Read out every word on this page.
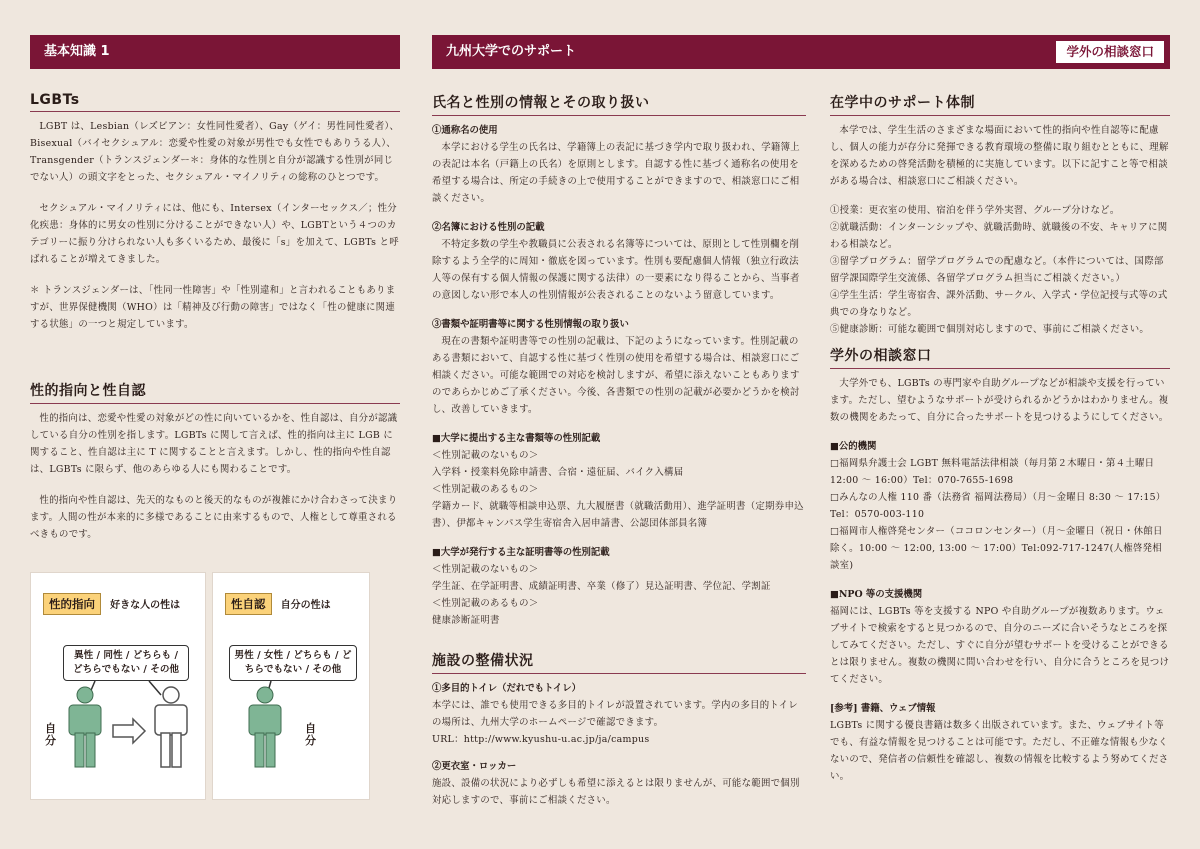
基本知識 1	九州大学でのサポート	学外の相談窓口
LGBTs

LGBT は、Lesbian（レズビアン：女性同性愛者）、Gay（ゲイ：男性同性愛者）、Bisexual（バイセクシュアル：恋愛や性愛の対象が男性でも女性でもありうる人）、Transgender（トランスジェンダー＊：身体的な性別と自分が認識する性別が同じでない人）の頭文字をとった、セクシュアル・マイノリティの総称のひとつです。

セクシュアル・マイノリティには、他にも、Intersex（インターセックス／；性分化疾患：身体的に男女の性別に分けることができない人）や、LGBTという４つのカテゴリーに振り分けられない人も多くいるため、最後に「s」を加えて、LGBTs と呼ばれることが増えてきました。

＊ トランスジェンダーは、「性同一性障害」や「性別違和」と言われることもありますが、世界保健機関（WHO）は「精神及び行動の障害」ではなく「性の健康に関連する状態」の一つと規定しています。

性的指向と性自認

性的指向は、恋愛や性愛の対象がどの性に向いているかを、性自認は、自分が認識している自分の性別を指します。LGBTs に関して言えば、性的指向は主に LGB に関すること、性自認は主に T に関することと言えます。しかし、性的指向や性自認は、LGBTs に限らず、他のあらゆる人にも関わることです。

性的指向や性自認は、先天的なものと後天的なものが複雑にかけ合わさって決まります。人間の性が本来的に多様であることに由来するもので、人権として尊重されるべきものです。

性的指向 好きな人の性は
異性 / 同性 / どちらも / どちらでもない / その他
自分
性自認 自分の性は
男性 / 女性 / どちらも / どちらでもない / その他
自分
氏名と性別の情報とその取り扱い
①通称名の使用

本学における学生の氏名は、学籍簿上の表記に基づき学内で取り扱われ、学籍簿上の表記は本名（戸籍上の氏名）を原則とします。自認する性に基づく通称名の使用を希望する場合は、所定の手続きの上で使用することができますので、相談窓口にご相談ください。

②名簿における性別の記載

不特定多数の学生や教職員に公表される名簿等については、原則として性別欄を削除するよう全学的に周知・徹底を図っています。性別も要配慮個人情報（独立行政法人等の保有する個人情報の保護に関する法律）の一要素になり得ることから、当事者の意図しない形で本人の性別情報が公表されることのないよう留意しています。

③書類や証明書等に関する性別情報の取り扱い

現在の書類や証明書等での性別の記載は、下記のようになっています。性別記載のある書類において、自認する性に基づく性別の使用を希望する場合は、相談窓口にご相談ください。可能な範囲での対応を検討しますが、希望に添えないこともありますのであらかじめご了承ください。今後、各書類での性別の記載が必要かどうかを検討し、改善していきます。

■大学に提出する主な書類等の性別記載

＜性別記載のないもの＞

入学料・授業料免除申請書、合宿・遠征届、バイク入構届

＜性別記載のあるもの＞

学籍カード、就職等相談申込票、九大履歴書（就職活動用）、進学証明書（定期券申込書）、伊都キャンパス学生寄宿舎入居申請書、公認団体部員名簿

■大学が発行する主な証明書等の性別記載

＜性別記載のないもの＞

学生証、在学証明書、成績証明書、卒業（修了）見込証明書、学位記、学割証

＜性別記載のあるもの＞

健康診断証明書

施設の整備状況
①多目的トイレ（だれでもトイレ）

本学には、誰でも使用できる多目的トイレが設置されています。学内の多目的トイレの場所は、九州大学のホームページで確認できます。

URL：http://www.kyushu-u.ac.jp/ja/campus

②更衣室・ロッカー

施設、設備の状況により必ずしも希望に添えるとは限りませんが、可能な範囲で個別対応しますので、事前にご相談ください。

在学中のサポート体制

本学では、学生生活のさまざまな場面において性的指向や性自認等に配慮し、個人の能力が存分に発揮できる教育環境の整備に取り組むとともに、理解を深めるための啓発活動を積極的に実施しています。以下に記すこと等で相談がある場合は、相談窓口にご相談ください。

①授業：更衣室の使用、宿泊を伴う学外実習、グループ分けなど。

②就職活動：インターンシップや、就職活動時、就職後の不安、キャリアに関わる相談など。

③留学プログラム：留学プログラムでの配慮など。（本件については、国際部留学課国際学生交流係、各留学プログラム担当にご相談ください。）

④学生生活：学生寄宿舎、課外活動、サークル、入学式・学位記授与式等の式典での身なりなど。

⑤健康診断：可能な範囲で個別対応しますので、事前にご相談ください。

学外の相談窓口

大学外でも、LGBTs の専門家や自助グループなどが相談や支援を行っています。ただし、望むようなサポートが受けられるかどうかはわかりません。複数の機関をあたって、自分に合ったサポートを見つけるようにしてください。

■公的機関

□福岡県弁護士会 LGBT 無料電話法律相談（毎月第２木曜日・第４土曜日 12:00 〜 16:00）Tel：070-7655-1698

□みんなの人権 110 番（法務省 福岡法務局）（月〜金曜日 8:30 〜 17:15）Tel：0570-003-110

□福岡市人権啓発センター（ココロンセンター）（月〜金曜日（祝日・休館日除く。10:00 〜 12:00, 13:00 〜 17:00）Tel:092-717-1247(人権啓発相談室)

■NPO 等の支援機関

福岡には、LGBTs 等を支援する NPO や自助グループが複数あります。ウェブサイトで検索をすると見つかるので、自分のニーズに合いそうなところを探してみてください。ただし、すぐに自分が望むサポートを受けることができるとは限りません。複数の機関に問い合わせを行い、自分に合うところを見つけてください。

[参考] 書籍、ウェブ情報

LGBTs に関する優良書籍は数多く出版されています。また、ウェブサイト等でも、有益な情報を見つけることは可能です。ただし、不正確な情報も少なくないので、発信者の信頼性を確認し、複数の情報を比較するよう努めてください。
